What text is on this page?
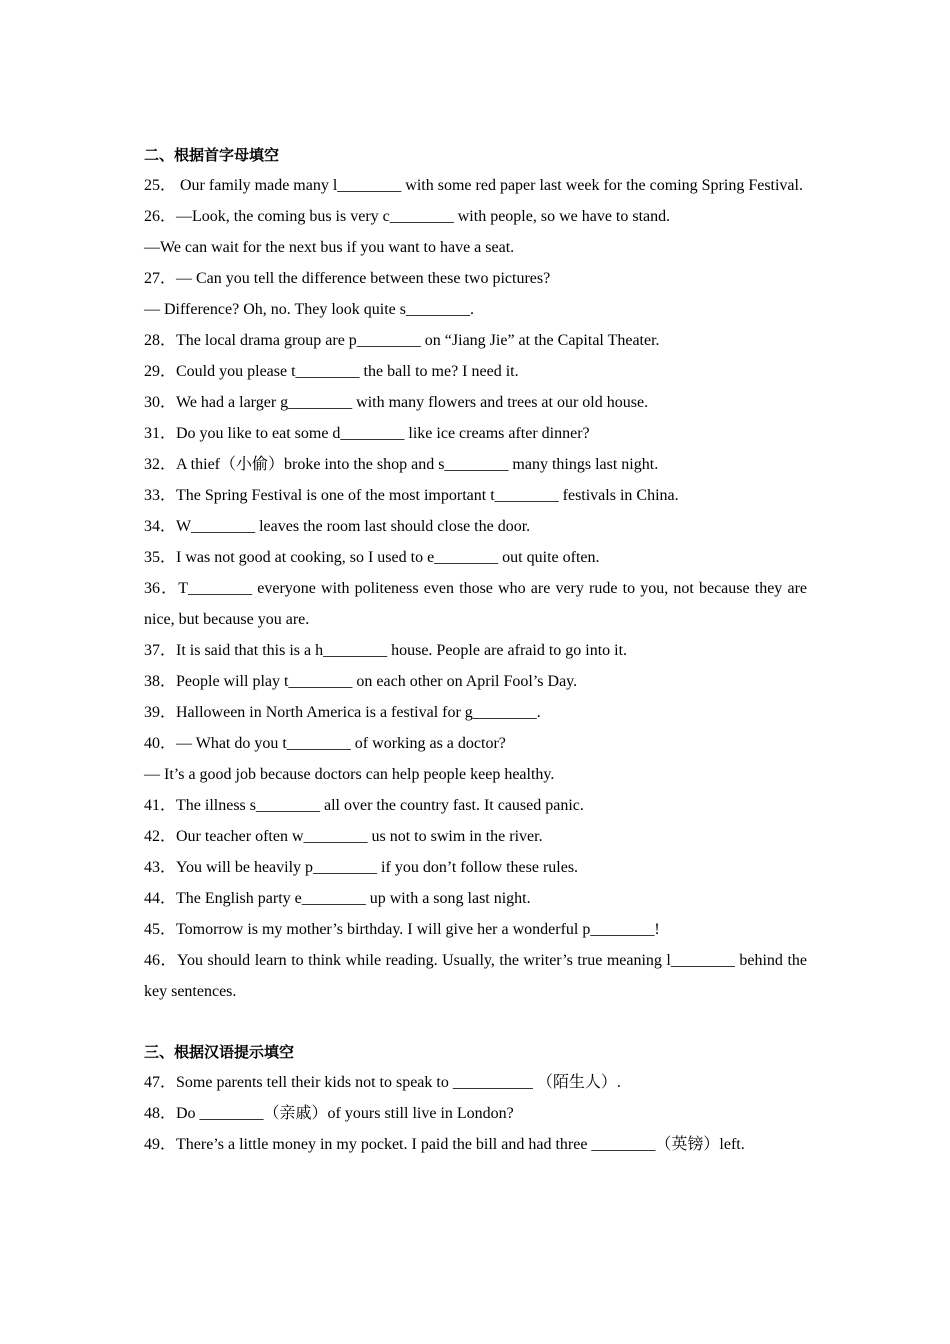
二、根据首字母填空

25． Our family made many l________ with some red paper last week for the coming Spring Festival.

26．—Look, the coming bus is very c________ with people, so we have to stand.

—We can wait for the next bus if you want to have a seat.

27．— Can you tell the difference between these two pictures?

— Difference? Oh, no. They look quite s________.

28．The local drama group are p________ on “Jiang Jie” at the Capital Theater.

29．Could you please t________ the ball to me? I need it.

30．We had a larger g________ with many flowers and trees at our old house.

31．Do you like to eat some d________ like ice creams after dinner?

32．A thief（小偷）broke into the shop and s________ many things last night.

33．The Spring Festival is one of the most important t________ festivals in China.

34．W________ leaves the room last should close the door.

35．I was not good at cooking, so I used to e________ out quite often.

36．T________ everyone with politeness even those who are very rude to you, not because they are nice, but because you are.

37．It is said that this is a h________ house. People are afraid to go into it.

38．People will play t________ on each other on April Fool’s Day.

39．Halloween in North America is a festival for g________.

40．— What do you t________ of working as a doctor?

— It’s a good job because doctors can help people keep healthy.

41．The illness s________ all over the country fast. It caused panic.

42．Our teacher often w________ us not to swim in the river.

43．You will be heavily p________ if you don’t follow these rules.

44．The English party e________ up with a song last night.

45．Tomorrow is my mother’s birthday. I will give her a wonderful p________!

46．You should learn to think while reading. Usually, the writer’s true meaning l________ behind the key sentences.

三、根据汉语提示填空

47．Some parents tell their kids not to speak to __________ （陌生人）.

48．Do ________（亲戚）of yours still live in London?

49．There’s a little money in my pocket. I paid the bill and had three ________（英镑）left.
